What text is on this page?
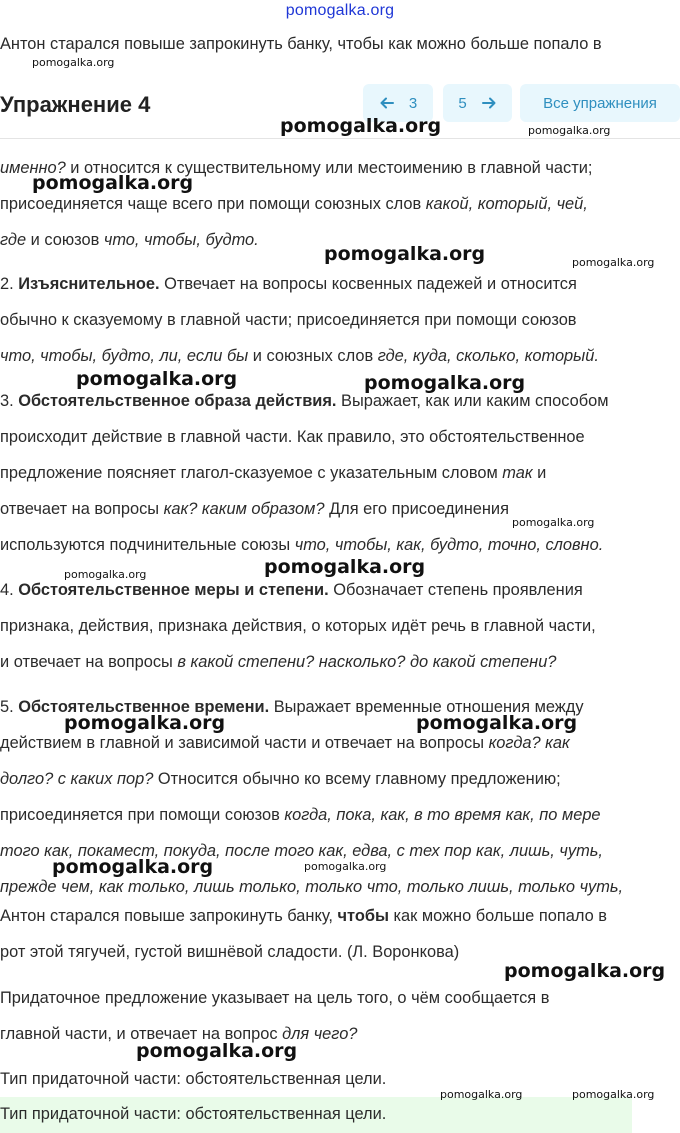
pomogalka.org
Антон старался повыше запрокинуть банку, чтобы как можно больше попало в
pomogalka.org
именно? и относится к существительному или местоимению в главной части;
присоединяется чаще всего при помощи союзных слов какой, который, чей,
где и союзов что, чтобы, будто.
2. Изъяснительное. Отвечает на вопросы косвенных падежей и относится
обычно к сказуемому в главной части; присоединяется при помощи союзов
что, чтобы, будто, ли, если бы и союзных слов где, куда, сколько, который.
3. Обстоятельственное образа действия. Выражает, как или каким способом
происходит действие в главной части. Как правило, это обстоятельственное
предложение поясняет глагол-сказуемое с указательным словом так и
отвечает на вопросы как? каким образом? Для его присоединения
используются подчинительные союзы что, чтобы, как, будто, точно, словно.
4. Обстоятельственное меры и степени. Обозначает степень проявления
признака, действия, признака действия, о которых идёт речь в главной части,
и отвечает на вопросы в какой степени? насколько? до какой степени?
5. Обстоятельственное времени. Выражает временные отношения между
действием в главной и зависимой части и отвечает на вопросы когда? как
долго? с каких пор? Относится обычно ко всему главному предложению;
присоединяется при помощи союзов когда, пока, как, в то время как, по мере
того как, покамест, покуда, после того как, едва, с тех пор как, лишь, чуть,
прежде чем, как только, лишь только, только что, только лишь, только чуть,
Антон старался повыше запрокинуть банку, чтобы как можно больше попало в
рот этой тягучей, густой вишнёвой сладости. (Л. Воронкова)
Придаточное предложение указывает на цель того, о чём сообщается в
главной части, и отвечает на вопрос для чего?
Тип придаточной части: обстоятельственная цели.
Тип придаточной части: обстоятельственная цели.
Упражнение 4	3	5	Все упражнения
pomogalka.org	pomogalka.org
pomogalka.org
pomogalka.org	pomogalka.org
pomogalka.org	pomogalka.org
pomogalka.org
pomogalka.org
pomogalka.org
pomogalka.org	pomogalka.org
pomogalka.org	pomogalka.org
pomogalka.org
pomogalka.org
pomogalka.org	pomogalka.org
